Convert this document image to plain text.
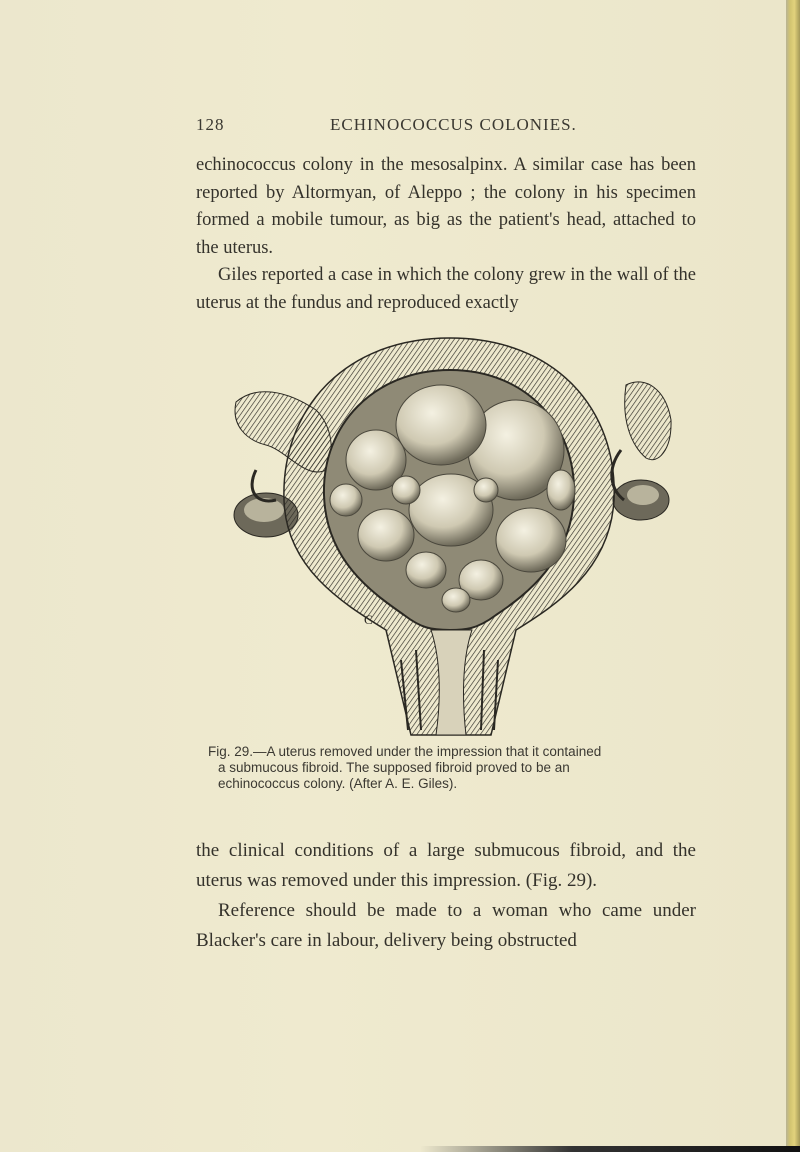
128	ECHINOCOCCUS COLONIES.

echinococcus colony in the mesosalpinx. A similar case has been reported by Altormyan, of Aleppo ; the colony in his specimen formed a mobile tumour, as big as the patient's head, attached to the uterus.

Giles reported a case in which the colony grew in the wall of the uterus at the fundus and reproduced exactly

C
Fig. 29.—A uterus removed under the impression that it contained
a submucous fibroid. The supposed fibroid proved to be an
echinococcus colony. (After A. E. Giles).

the clinical conditions of a large submucous fibroid, and the uterus was removed under this impression. (Fig. 29).

Reference should be made to a woman who came under Blacker's care in labour, delivery being obstructed
